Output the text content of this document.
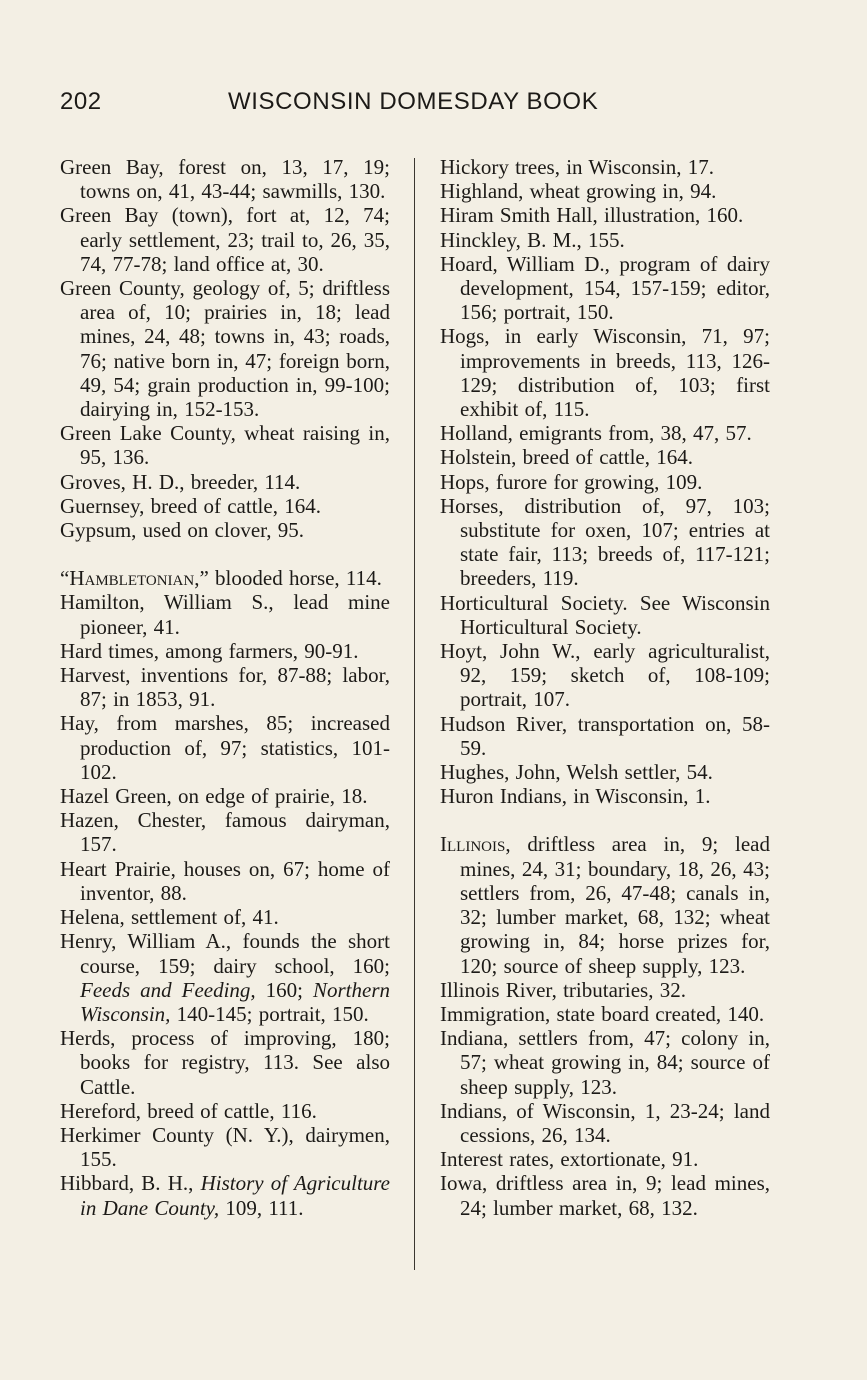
202	WISCONSIN DOMESDAY BOOK

Green Bay, forest on, 13, 17, 19; towns on, 41, 43-44; sawmills, 130.

Green Bay (town), fort at, 12, 74; early settlement, 23; trail to, 26, 35, 74, 77-78; land office at, 30.

Green County, geology of, 5; driftless area of, 10; prairies in, 18; lead mines, 24, 48; towns in, 43; roads, 76; native born in, 47; foreign born, 49, 54; grain production in, 99-100; dairying in, 152-153.

Green Lake County, wheat raising in, 95, 136.

Groves, H. D., breeder, 114.

Guernsey, breed of cattle, 164.

Gypsum, used on clover, 95.

“Hambletonian,” blooded horse, 114.

Hamilton, William S., lead mine pioneer, 41.

Hard times, among farmers, 90-91.

Harvest, inventions for, 87-88; labor, 87; in 1853, 91.

Hay, from marshes, 85; increased production of, 97; statistics, 101-102.

Hazel Green, on edge of prairie, 18.

Hazen, Chester, famous dairyman, 157.

Heart Prairie, houses on, 67; home of inventor, 88.

Helena, settlement of, 41.

Henry, William A., founds the short course, 159; dairy school, 160; Feeds and Feeding, 160; Northern Wisconsin, 140-145; portrait, 150.

Herds, process of improving, 180; books for registry, 113. See also Cattle.

Hereford, breed of cattle, 116.

Herkimer County (N. Y.), dairymen, 155.

Hibbard, B. H., History of Agriculture in Dane County, 109, 111.

Hickory trees, in Wisconsin, 17.

Highland, wheat growing in, 94.

Hiram Smith Hall, illustration, 160.

Hinckley, B. M., 155.

Hoard, William D., program of dairy development, 154, 157-159; editor, 156; portrait, 150.

Hogs, in early Wisconsin, 71, 97; improvements in breeds, 113, 126-129; distribution of, 103; first exhibit of, 115.

Holland, emigrants from, 38, 47, 57.

Holstein, breed of cattle, 164.

Hops, furore for growing, 109.

Horses, distribution of, 97, 103; substitute for oxen, 107; entries at state fair, 113; breeds of, 117-121; breeders, 119.

Horticultural Society. See Wisconsin Horticultural Society.

Hoyt, John W., early agriculturalist, 92, 159; sketch of, 108-109; portrait, 107.

Hudson River, transportation on, 58-59.

Hughes, John, Welsh settler, 54.

Huron Indians, in Wisconsin, 1.

Illinois, driftless area in, 9; lead mines, 24, 31; boundary, 18, 26, 43; settlers from, 26, 47-48; canals in, 32; lumber market, 68, 132; wheat growing in, 84; horse prizes for, 120; source of sheep supply, 123.

Illinois River, tributaries, 32.

Immigration, state board created, 140.

Indiana, settlers from, 47; colony in, 57; wheat growing in, 84; source of sheep supply, 123.

Indians, of Wisconsin, 1, 23-24; land cessions, 26, 134.

Interest rates, extortionate, 91.

Iowa, driftless area in, 9; lead mines, 24; lumber market, 68, 132.
